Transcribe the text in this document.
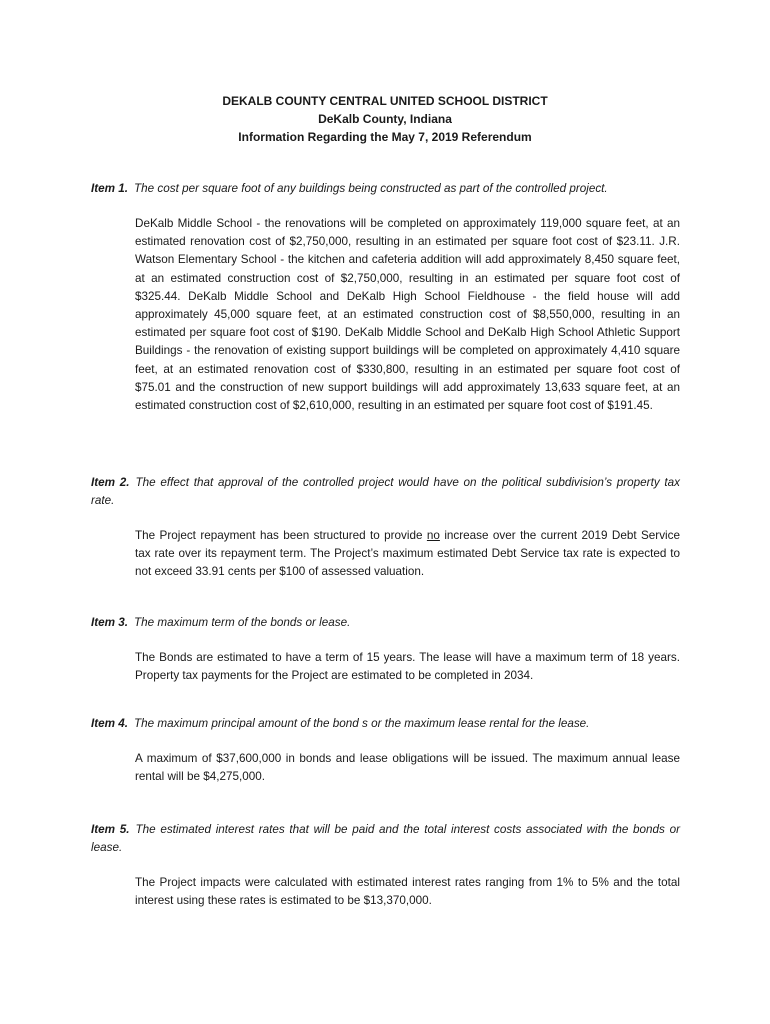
DEKALB COUNTY CENTRAL UNITED SCHOOL DISTRICT
DeKalb County, Indiana
Information Regarding the May 7, 2019 Referendum
Item 1. The cost per square foot of any buildings being constructed as part of the controlled project.
DeKalb Middle School - the renovations will be completed on approximately 119,000 square feet, at an estimated renovation cost of $2,750,000, resulting in an estimated per square foot cost of $23.11. J.R. Watson Elementary School - the kitchen and cafeteria addition will add approximately 8,450 square feet, at an estimated construction cost of $2,750,000, resulting in an estimated per square foot cost of $325.44. DeKalb Middle School and DeKalb High School Fieldhouse - the field house will add approximately 45,000 square feet, at an estimated construction cost of $8,550,000, resulting in an estimated per square foot cost of $190. DeKalb Middle School and DeKalb High School Athletic Support Buildings - the renovation of existing support buildings will be completed on approximately 4,410 square feet, at an estimated renovation cost of $330,800, resulting in an estimated per square foot cost of $75.01 and the construction of new support buildings will add approximately 13,633 square feet, at an estimated construction cost of $2,610,000, resulting in an estimated per square foot cost of $191.45.
Item 2. The effect that approval of the controlled project would have on the political subdivision’s property tax rate.
The Project repayment has been structured to provide no increase over the current 2019 Debt Service tax rate over its repayment term. The Project’s maximum estimated Debt Service tax rate is expected to not exceed 33.91 cents per $100 of assessed valuation.
Item 3. The maximum term of the bonds or lease.
The Bonds are estimated to have a term of 15 years. The lease will have a maximum term of 18 years. Property tax payments for the Project are estimated to be completed in 2034.
Item 4. The maximum principal amount of the bond s or the maximum lease rental for the lease.
A maximum of $37,600,000 in bonds and lease obligations will be issued. The maximum annual lease rental will be $4,275,000.
Item 5. The estimated interest rates that will be paid and the total interest costs associated with the bonds or lease.
The Project impacts were calculated with estimated interest rates ranging from 1% to 5% and the total interest using these rates is estimated to be $13,370,000.
